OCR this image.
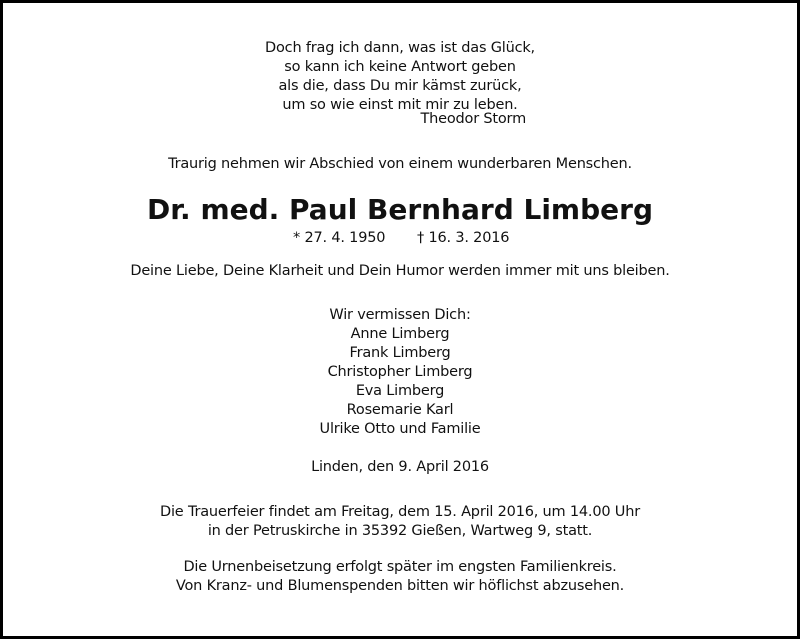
Doch frag ich dann, was ist das Glück,
so kann ich keine Antwort geben
als die, dass Du mir kämst zurück,
um so wie einst mit mir zu leben.
Theodor Storm
Traurig nehmen wir Abschied von einem wunderbaren Menschen.
Dr. med. Paul Bernhard Limberg
* 27. 4. 1950 † 16. 3. 2016
Deine Liebe, Deine Klarheit und Dein Humor werden immer mit uns bleiben.
Wir vermissen Dich:
Anne Limberg
Frank Limberg
Christopher Limberg
Eva Limberg
Rosemarie Karl
Ulrike Otto und Familie
Linden, den 9. April 2016
Die Trauerfeier findet am Freitag, dem 15. April 2016, um 14.00 Uhr
in der Petruskirche in 35392 Gießen, Wartweg 9, statt.
Die Urnenbeisetzung erfolgt später im engsten Familienkreis.
Von Kranz- und Blumenspenden bitten wir höflichst abzusehen.
